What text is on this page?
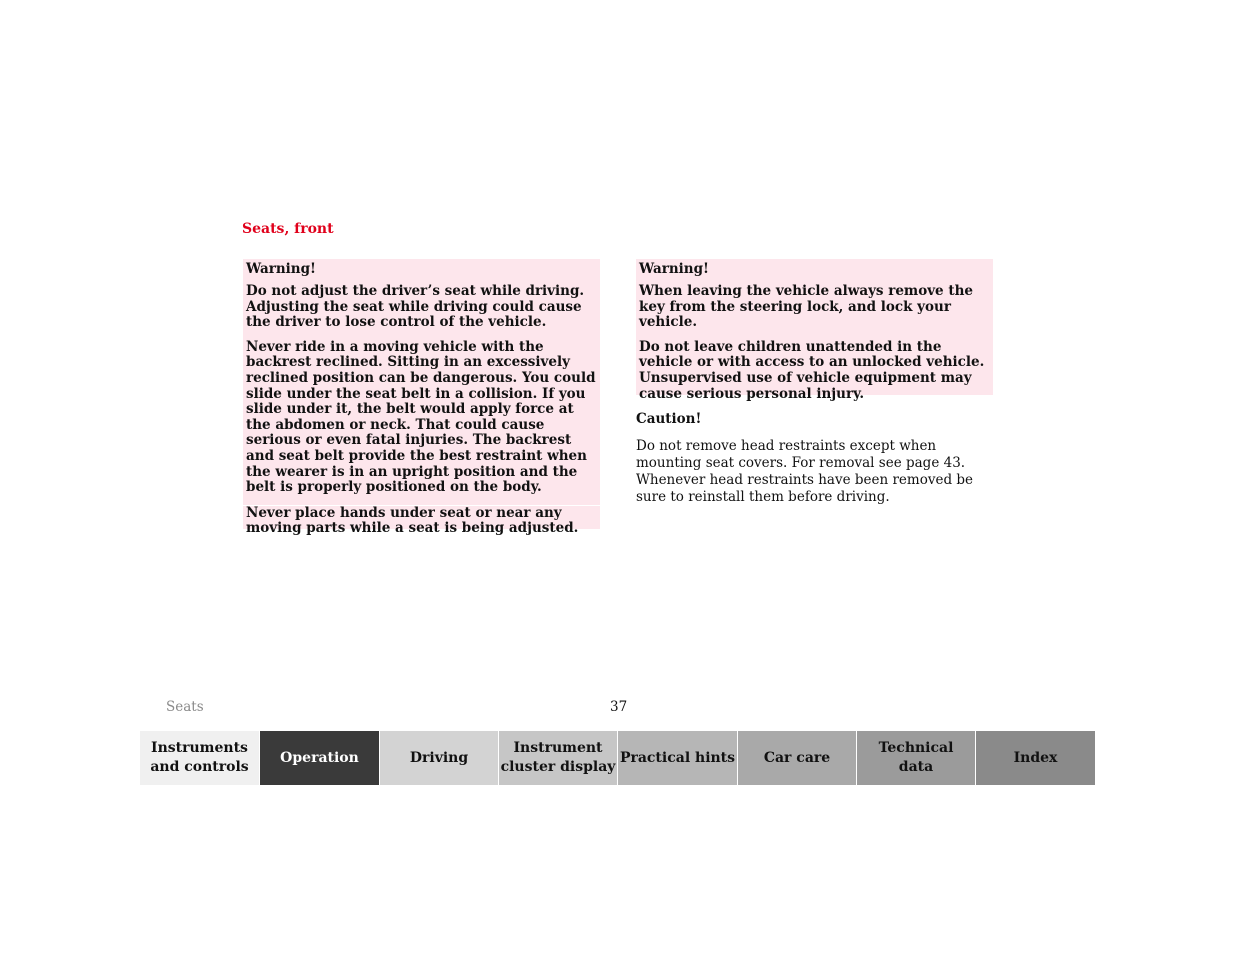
Seats, front
Warning!

Do not adjust the driver’s seat while driving. Adjusting the seat while driving could cause the driver to lose control of the vehicle.

Never ride in a moving vehicle with the backrest reclined. Sitting in an excessively reclined position can be dangerous. You could slide under the seat belt in a collision. If you slide under it, the belt would apply force at the abdomen or neck. That could cause serious or even fatal injuries. The backrest and seat belt provide the best restraint when the wearer is in an upright position and the belt is properly positioned on the body.

Never place hands under seat or near any moving parts while a seat is being adjusted.

Warning!

When leaving the vehicle always remove the key from the steering lock, and lock your vehicle.

Do not leave children unattended in the vehicle or with access to an unlocked vehicle. Unsupervised use of vehicle equipment may cause serious personal injury.

Caution!

Do not remove head restraints except when mounting seat covers. For removal see page 43. Whenever head restraints have been removed be sure to reinstall them before driving.

Seats	37
Instruments
and controls
Operation	Driving
Instrument
cluster display
Practical hints	Car care
Technical
data
Index
